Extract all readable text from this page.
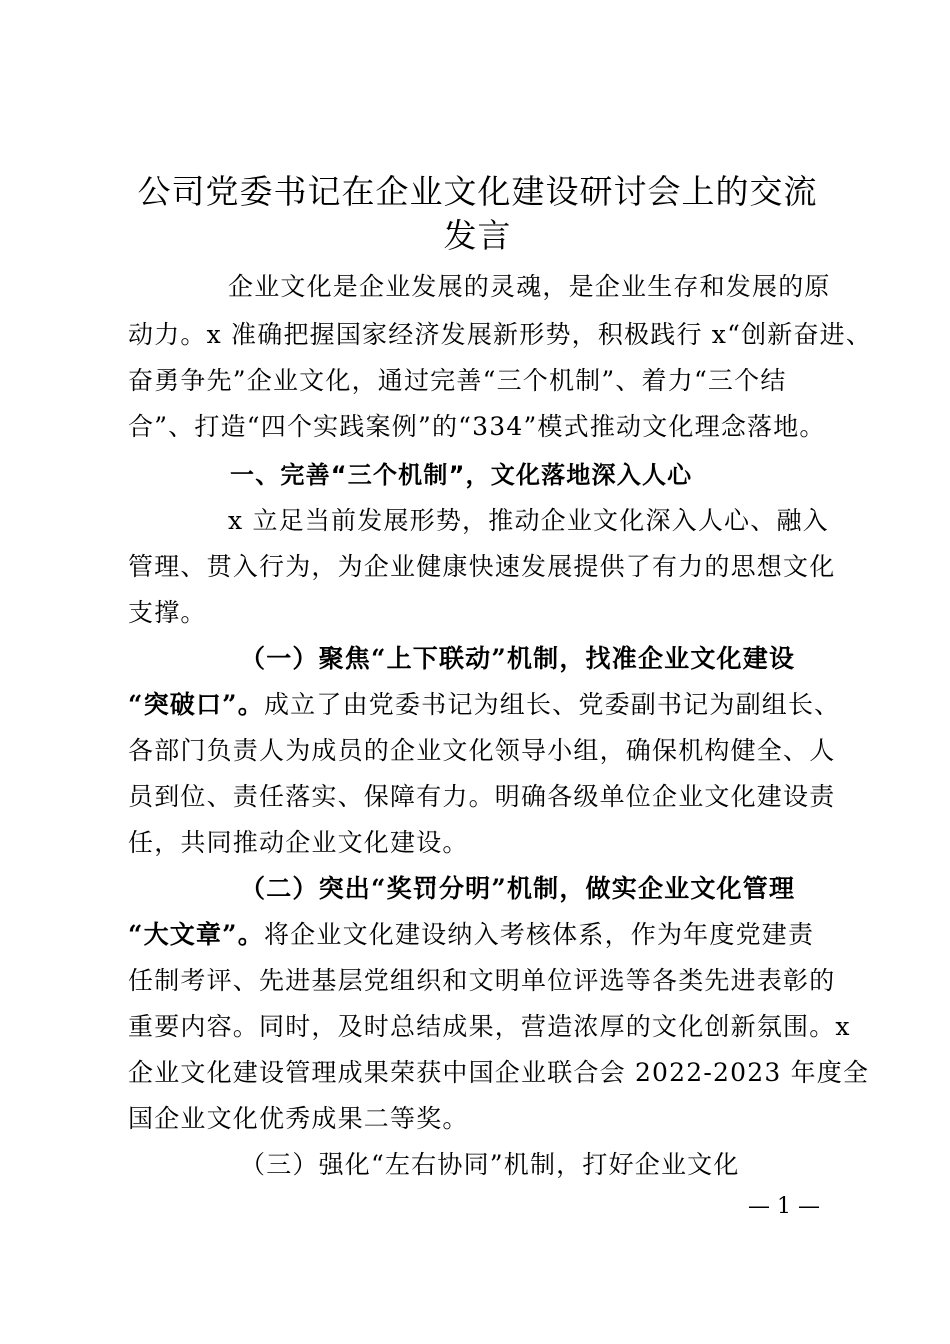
公司党委书记在企业文化建设研讨会上的交流
发言
企业文化是企业发展的灵魂，是企业生存和发展的原
动力。x 准确把握国家经济发展新形势，积极践行 x“创新奋进、
奋勇争先”企业文化，通过完善“三个机制”、着力“三个结
合”、打造“四个实践案例”的“334”模式推动文化理念落地。
一、完善“三个机制”，文化落地深入人心
x 立足当前发展形势，推动企业文化深入人心、融入
管理、贯入行为，为企业健康快速发展提供了有力的思想文化
支撑。
（一）聚焦“上下联动”机制，找准企业文化建设
“突破口”。成立了由党委书记为组长、党委副书记为副组长、
各部门负责人为成员的企业文化领导小组，确保机构健全、人
员到位、责任落实、保障有力。明确各级单位企业文化建设责
任，共同推动企业文化建设。
（二）突出“奖罚分明”机制，做实企业文化管理
“大文章”。将企业文化建设纳入考核体系，作为年度党建责
任制考评、先进基层党组织和文明单位评选等各类先进表彰的
重要内容。同时，及时总结成果，营造浓厚的文化创新氛围。x
企业文化建设管理成果荣获中国企业联合会 2022-2023 年度全
国企业文化优秀成果二等奖。
（三）强化“左右协同”机制，打好企业文化
— 1 —
